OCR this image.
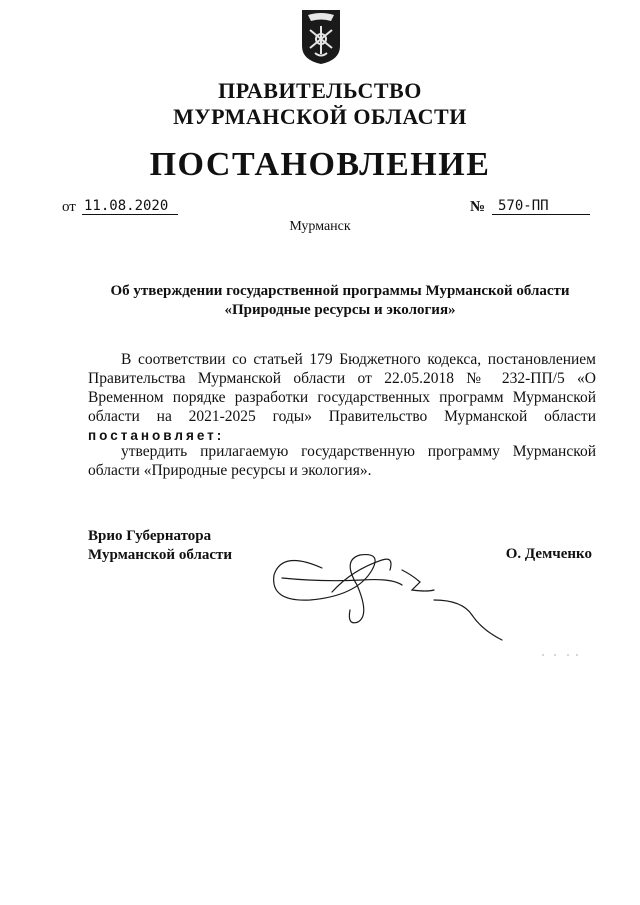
ПРАВИТЕЛЬСТВО
МУРМАНСКОЙ ОБЛАСТИ
ПОСТАНОВЛЕНИЕ
от 11.08.2020	№ 570-ПП
Мурманск
Об утверждении государственной программы Мурманской области
«Природные ресурсы и экология»
В соответствии со статьей 179 Бюджетного кодекса, постановлением Правительства Мурманской области от 22.05.2018 № 232-ПП/5 «О Временном порядке разработки государственных программ Мурманской области на 2021-2025 годы» Правительство Мурманской области постановляет:
утвердить прилагаемую государственную программу Мурманской области «Природные ресурсы и экология».
Врио Губернатора
Мурманской области	О. Демченко
